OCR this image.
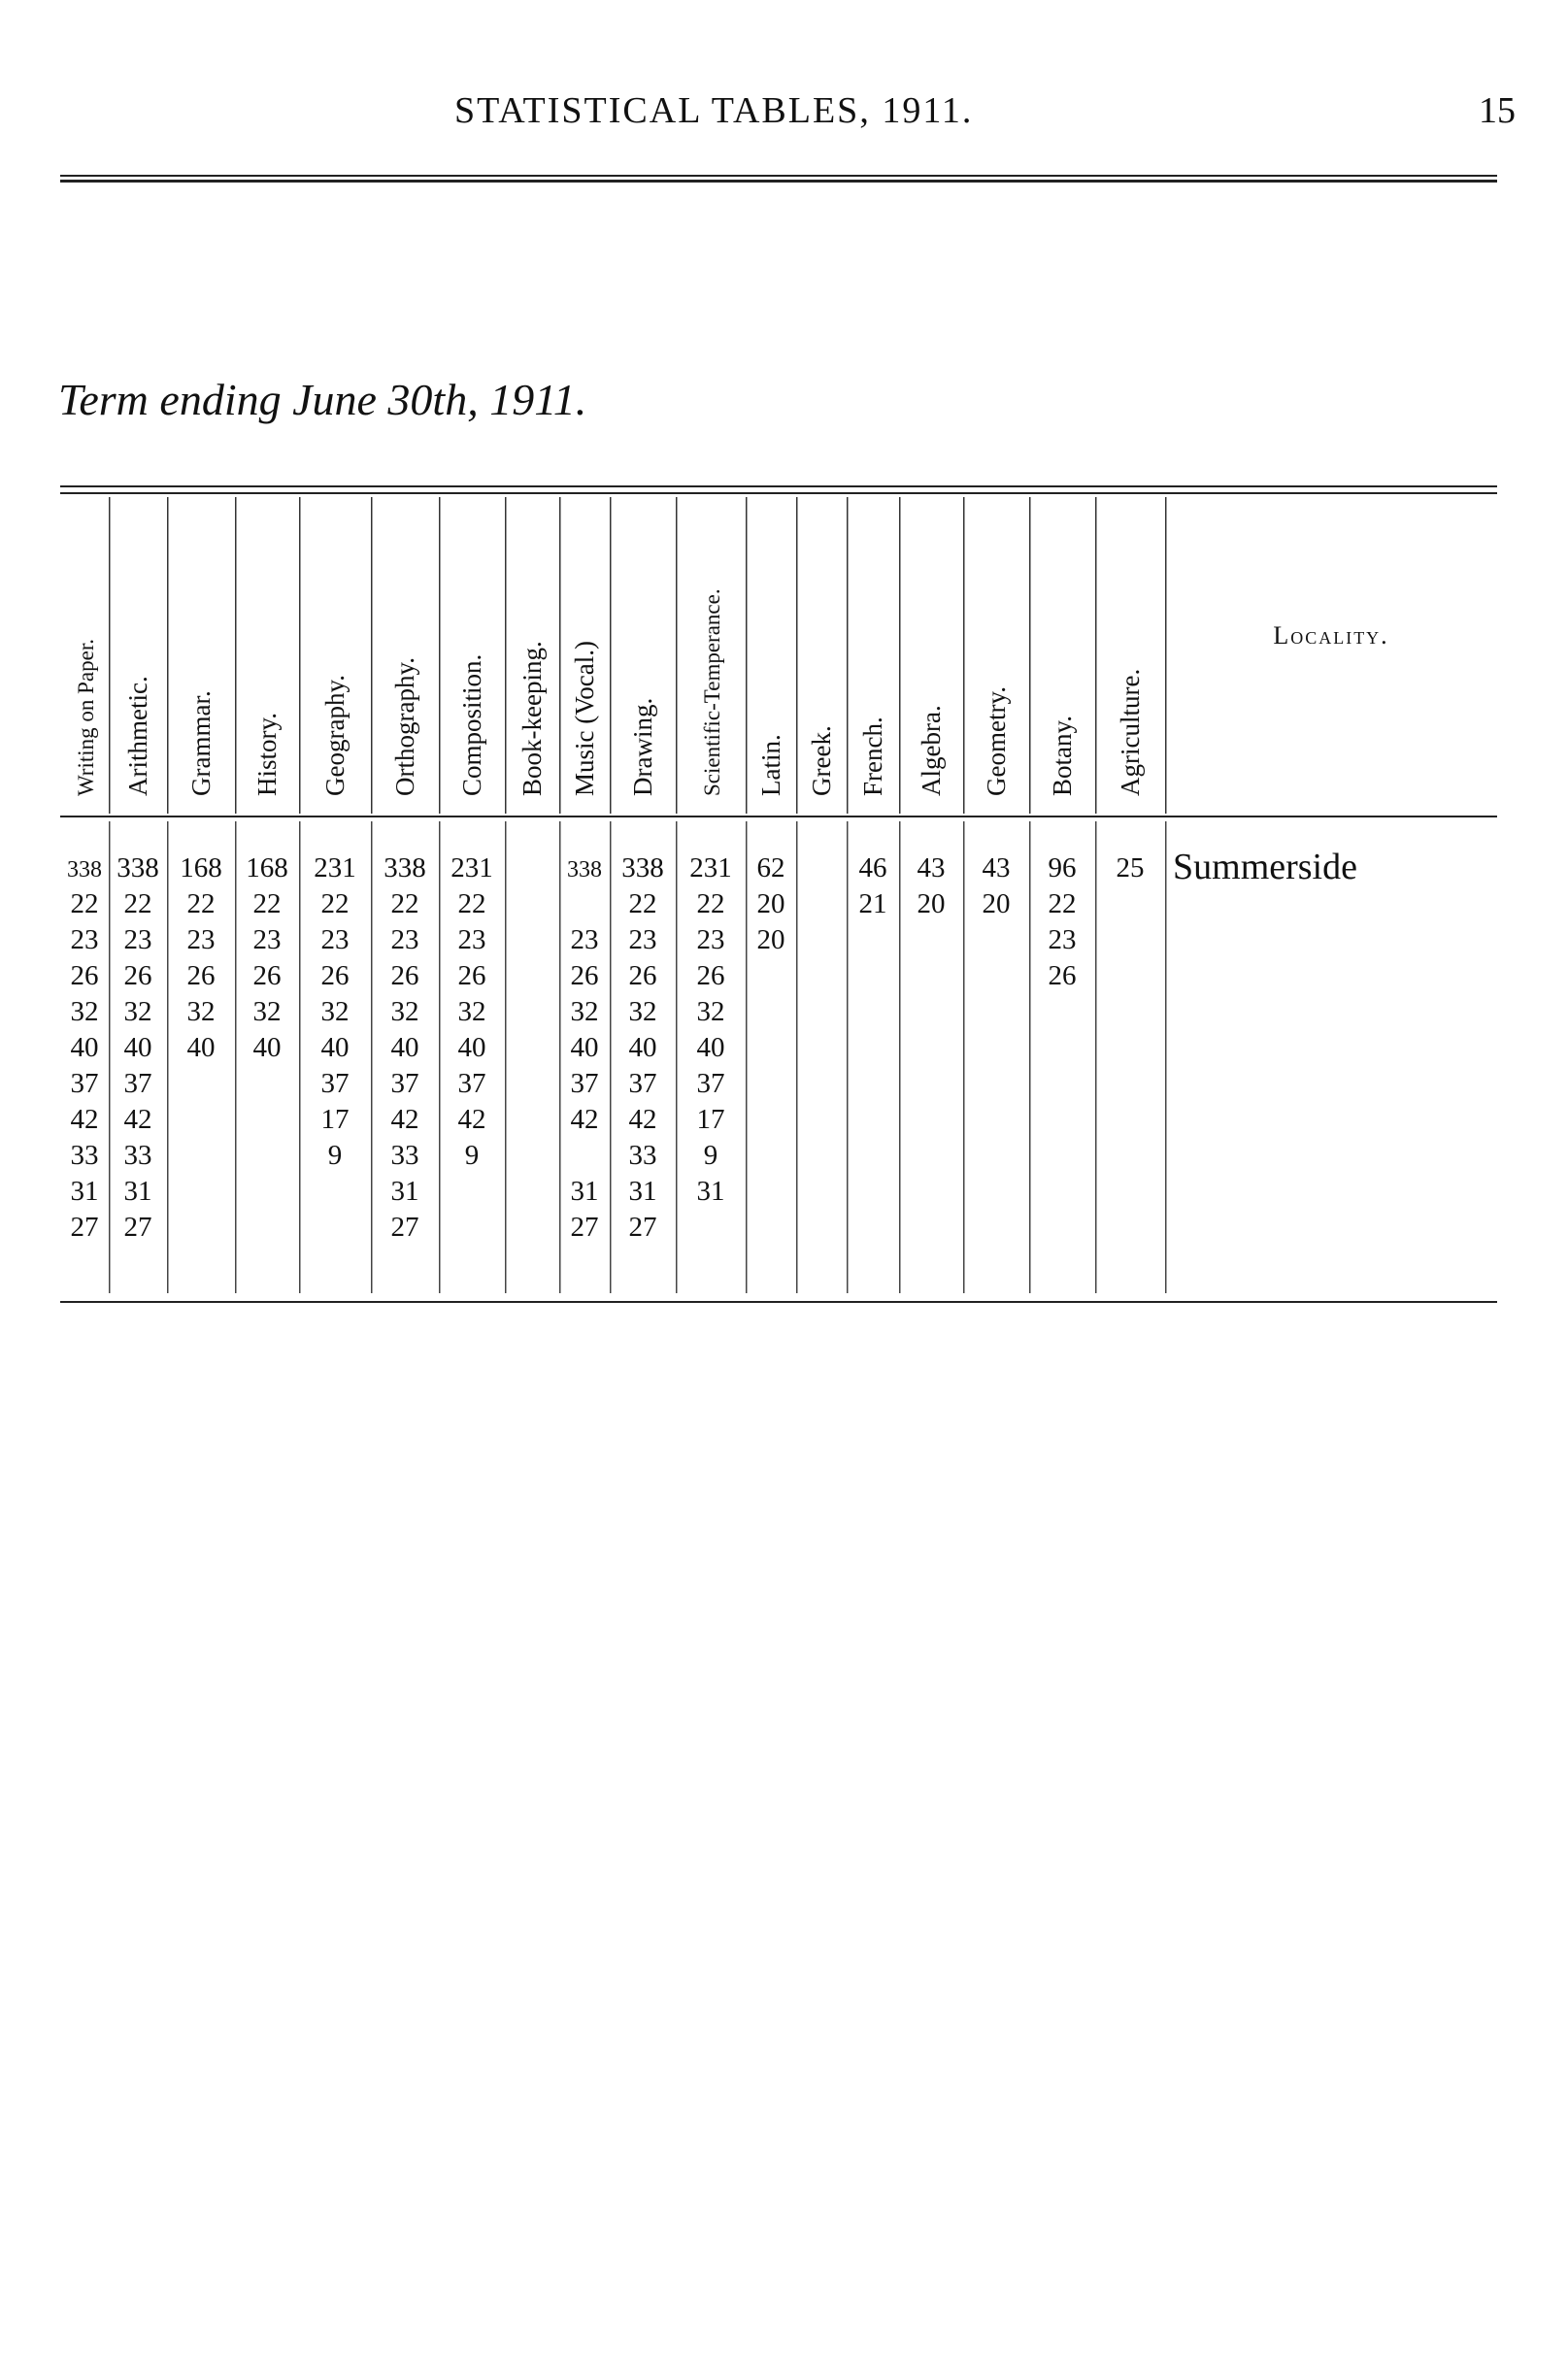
STATISTICAL TABLES, 1911.	15
Term ending June 30th, 1911.
Writing on Paper. Arithmetic. Grammar. History. Geography. Orthography. Composition. Book-keeping. Music (Vocal.) Drawing. Scientific-Temperance. Latin. Greek. French. Algebra. Geometry. Botany. Agriculture.
Locality.
338
22
23
26
32
40
37
42
33
31
27
338
22
23
26
32
40
37
42
33
31
27
168
22
23
26
32
40
168
22
23
26
32
40
231
22
23
26
32
40
37
17
9
338
22
23
26
32
40
37
42
33
31
27
231
22
23
26
32
40
37
42
9
338
23
26
32
40
37
42
31
27
338
22
23
26
32
40
37
42
33
31
27
231
22
23
26
32
40
37
17
9
31
62
20
20
46
21
43
20
43
20
96
22
23
26
25 Summerside
